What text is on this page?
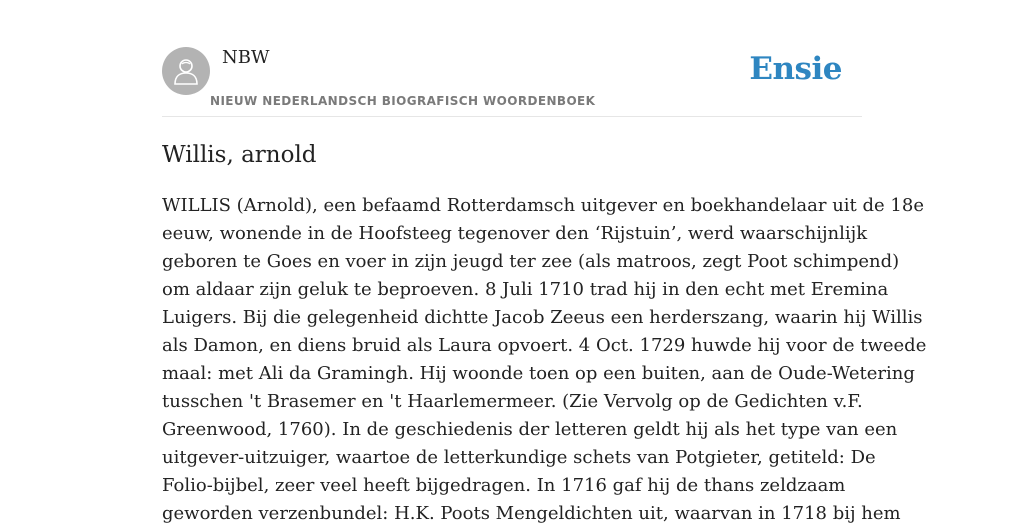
NBW
NIEUW NEDERLANDSCH BIOGRAFISCH WOORDENBOEK
Ensie
Willis, arnold

WILLIS (Arnold), een befaamd Rotterdamsch uitgever en boekhandelaar uit de 18e
eeuw, wonende in de Hoofsteeg tegenover den ‘Rijstuin’, werd waarschijnlijk
geboren te Goes en voer in zijn jeugd ter zee (als matroos, zegt Poot schimpend)
om aldaar zijn geluk te beproeven. 8 Juli 1710 trad hij in den echt met Eremina
Luigers. Bij die gelegenheid dichtte Jacob Zeeus een herderszang, waarin hij Willis
als Damon, en diens bruid als Laura opvoert. 4 Oct. 1729 huwde hij voor de tweede
maal: met Ali da Gramingh. Hij woonde toen op een buiten, aan de Oude-Wetering
tusschen 't Brasemer en 't Haarlemermeer. (Zie Vervolg op de Gedichten v.F.
Greenwood, 1760). In de geschiedenis der letteren geldt hij als het type van een
uitgever-uitzuiger, waartoe de letterkundige schets van Potgieter, getiteld: De
Folio-bijbel, zeer veel heeft bijgedragen. In 1716 gaf hij de thans zeldzaam
geworden verzenbundel: H.K. Poots Mengeldichten uit, waarvan in 1718 bij hem
